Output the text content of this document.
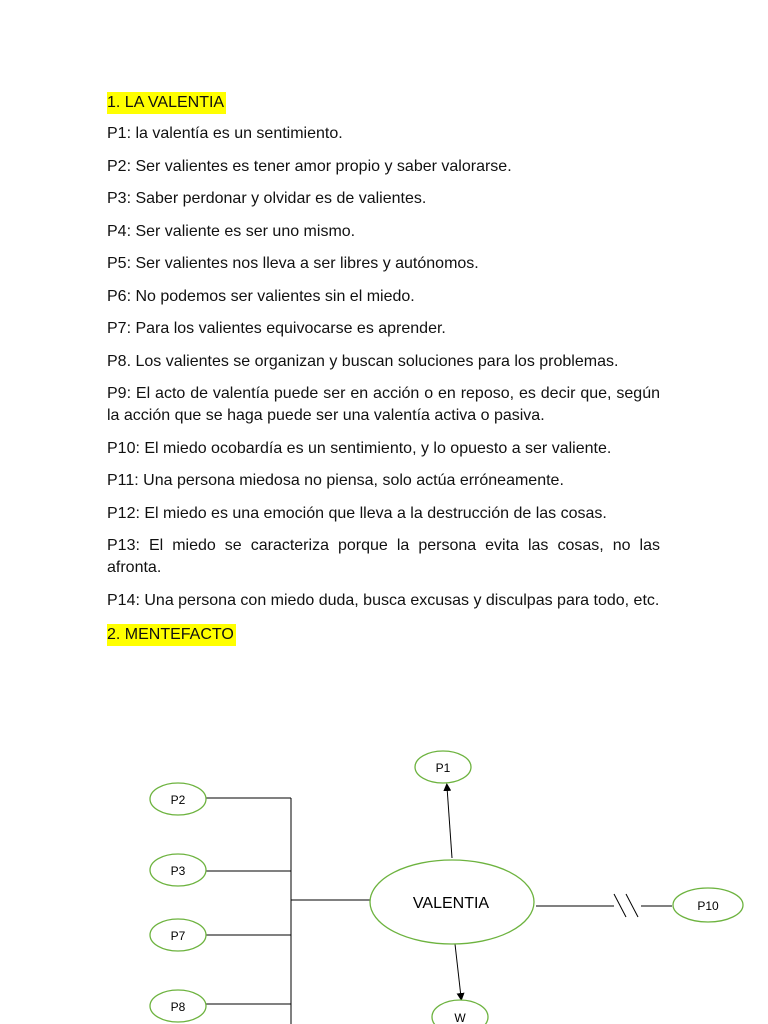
1. LA VALENTIA

P1: la valentía es un sentimiento.

P2: Ser valientes es tener amor propio y saber valorarse.

P3: Saber perdonar y olvidar es de valientes.

P4: Ser valiente es ser uno mismo.

P5: Ser valientes nos lleva a ser libres y autónomos.

P6: No podemos ser valientes sin el miedo.

P7: Para los valientes equivocarse es aprender.

P8. Los valientes se organizan y buscan soluciones para los problemas.

P9: El acto de valentía puede ser en acción o en reposo, es decir que, según la acción que se haga puede ser una valentía activa o pasiva.

P10: El miedo ocobardía es un sentimiento, y lo opuesto a ser valiente.

P11: Una persona miedosa no piensa, solo actúa erróneamente.

P12: El miedo es una emoción que lleva a la destrucción de las cosas.

P13: El miedo se caracteriza porque la persona evita las cosas, no las afronta.

P14: Una persona con miedo duda, busca excusas y disculpas para todo, etc.

2. MENTEFACTO
P2
P3
P7
P8
P1
VALENTIA	P10
W
